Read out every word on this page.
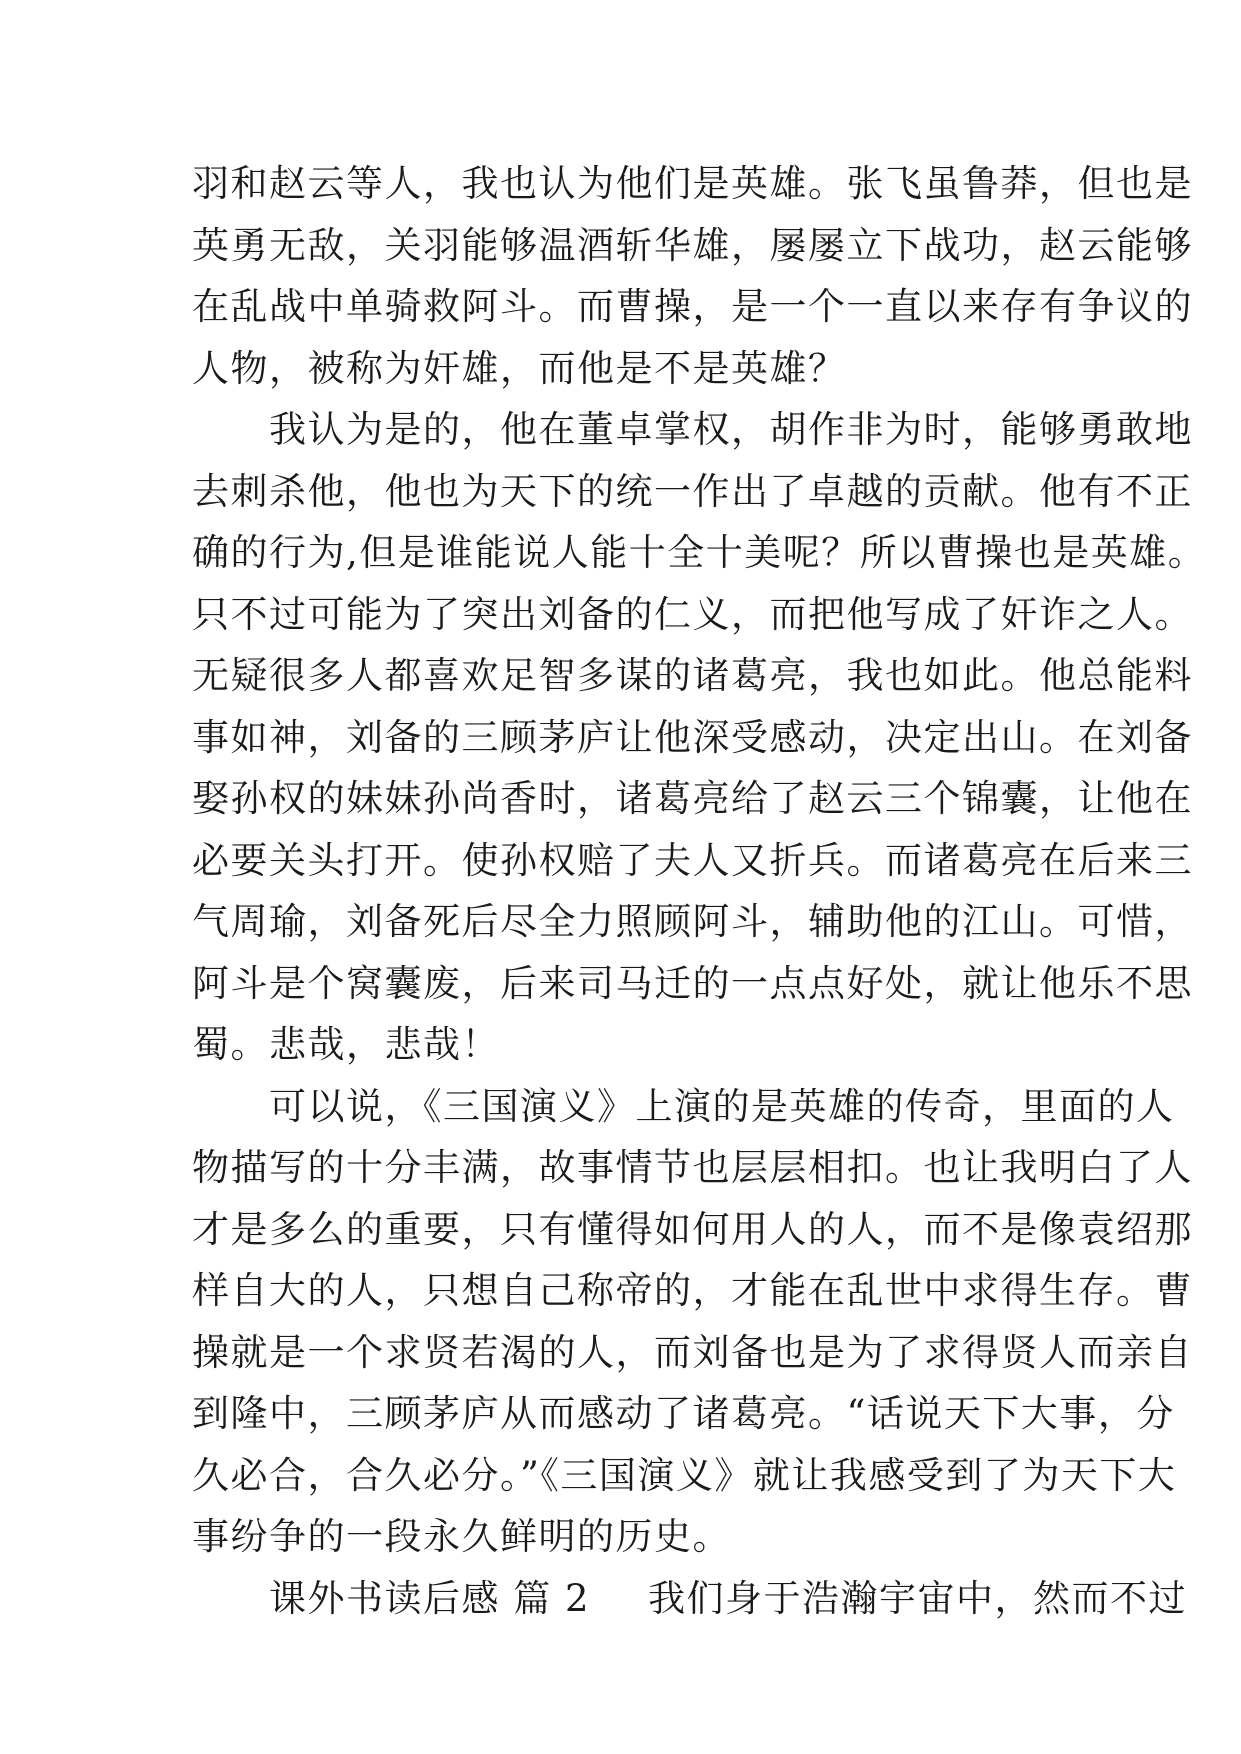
羽和赵云等人，我也认为他们是英雄。张飞虽鲁莽，但也是
英勇无敌，关羽能够温酒斩华雄，屡屡立下战功，赵云能够
在乱战中单骑救阿斗。而曹操，是一个一直以来存有争议的
人物，被称为奸雄，而他是不是英雄？
　　我认为是的，他在董卓掌权，胡作非为时，能够勇敢地
去刺杀他，他也为天下的统一作出了卓越的贡献。他有不正
确的行为,但是谁能说人能十全十美呢？所以曹操也是英雄。
只不过可能为了突出刘备的仁义，而把他写成了奸诈之人。
无疑很多人都喜欢足智多谋的诸葛亮，我也如此。他总能料
事如神，刘备的三顾茅庐让他深受感动，决定出山。在刘备
娶孙权的妹妹孙尚香时，诸葛亮给了赵云三个锦囊，让他在
必要关头打开。使孙权赔了夫人又折兵。而诸葛亮在后来三
气周瑜，刘备死后尽全力照顾阿斗，辅助他的江山。可惜，
阿斗是个窝囊废，后来司马迁的一点点好处，就让他乐不思
蜀。悲哉，悲哉！
　　可以说，《三国演义》上演的是英雄的传奇，里面的人
物描写的十分丰满，故事情节也层层相扣。也让我明白了人
才是多么的重要，只有懂得如何用人的人，而不是像袁绍那
样自大的人，只想自己称帝的，才能在乱世中求得生存。曹
操就是一个求贤若渴的人，而刘备也是为了求得贤人而亲自
到隆中，三顾茅庐从而感动了诸葛亮。“话说天下大事，分
久必合，合久必分。”《三国演义》就让我感受到了为天下大
事纷争的一段永久鲜明的历史。
　　课外书读后感 篇 2 我们身于浩瀚宇宙中，然而不过
